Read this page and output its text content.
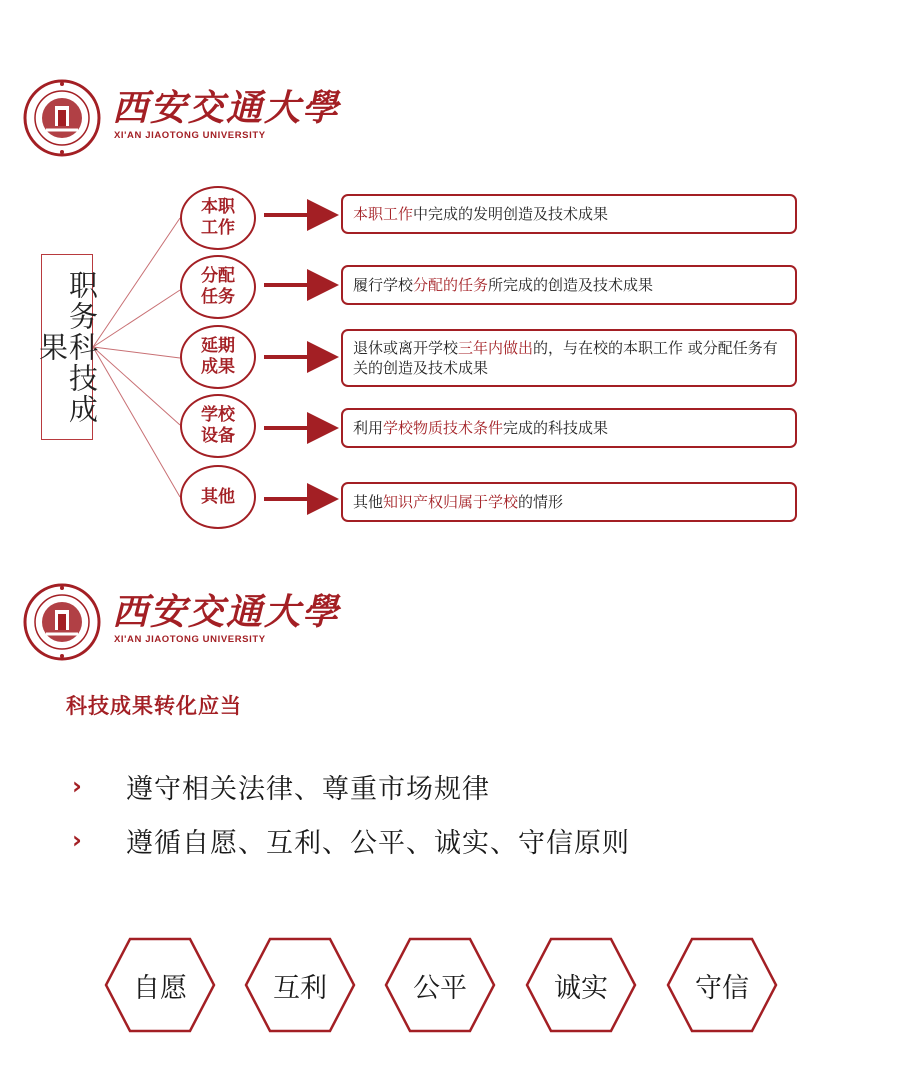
西安交通大學
XI'AN JIAOTONG UNIVERSITY
职务科技成果
本职工作
分配任务
延期成果
学校设备
其他
本职工作中完成的发明创造及技术成果
履行学校分配的任务所完成的创造及技术成果
退休或离开学校三年内做出的，与在校的本职工作 或分配任务有关的创造及技术成果
利用学校物质技术条件完成的科技成果
其他知识产权归属于学校的情形
西安交通大學
XI'AN JIAOTONG UNIVERSITY
科技成果转化应当
›	遵守相关法律、尊重市场规律
›	遵循自愿、互利、公平、诚实、守信原则
自愿	互利	公平	诚实	守信
